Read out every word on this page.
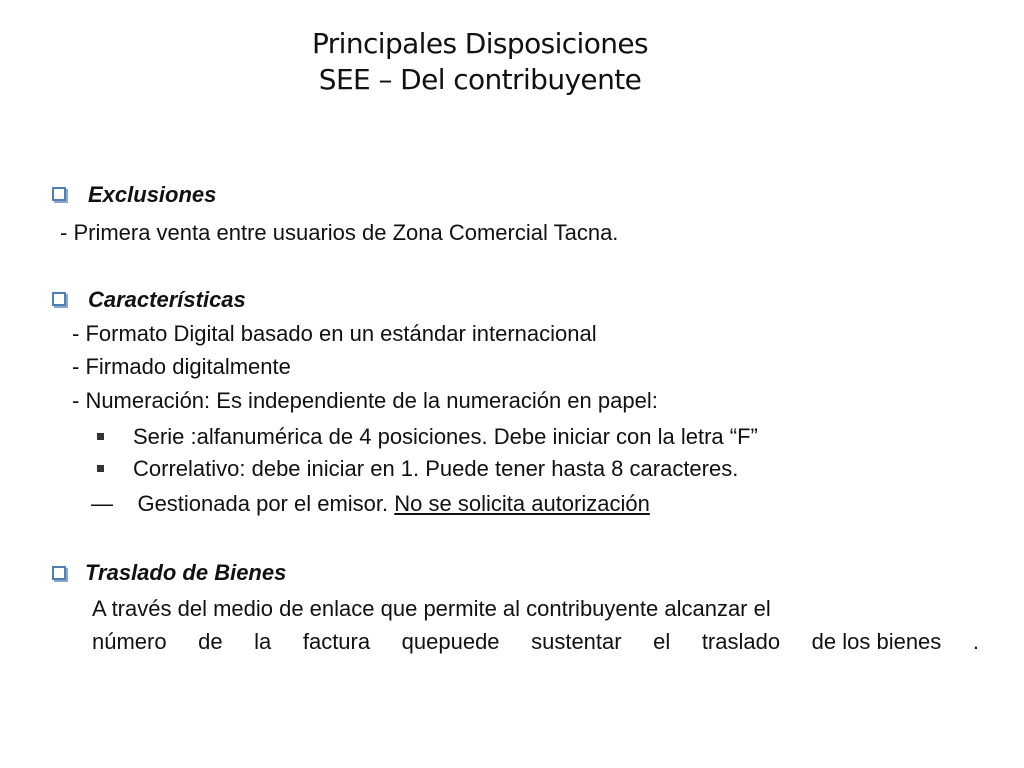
Principales Disposiciones
SEE – Del contribuyente
Exclusiones
- Primera venta entre usuarios de Zona Comercial Tacna.
Características
- Formato Digital basado en un estándar internacional
- Firmado digitalmente
- Numeración: Es independiente de la numeración en papel:
Serie :alfanumérica de 4 posiciones. Debe iniciar con la letra “F”
Correlativo: debe iniciar en 1. Puede tener hasta 8 caracteres.
— Gestionada por el emisor. No se solicita autorización
Traslado de Bienes
A través del medio de enlace que permite al contribuyente alcanzar el
número de la factura quepuede sustentar el traslado de los bienes .
